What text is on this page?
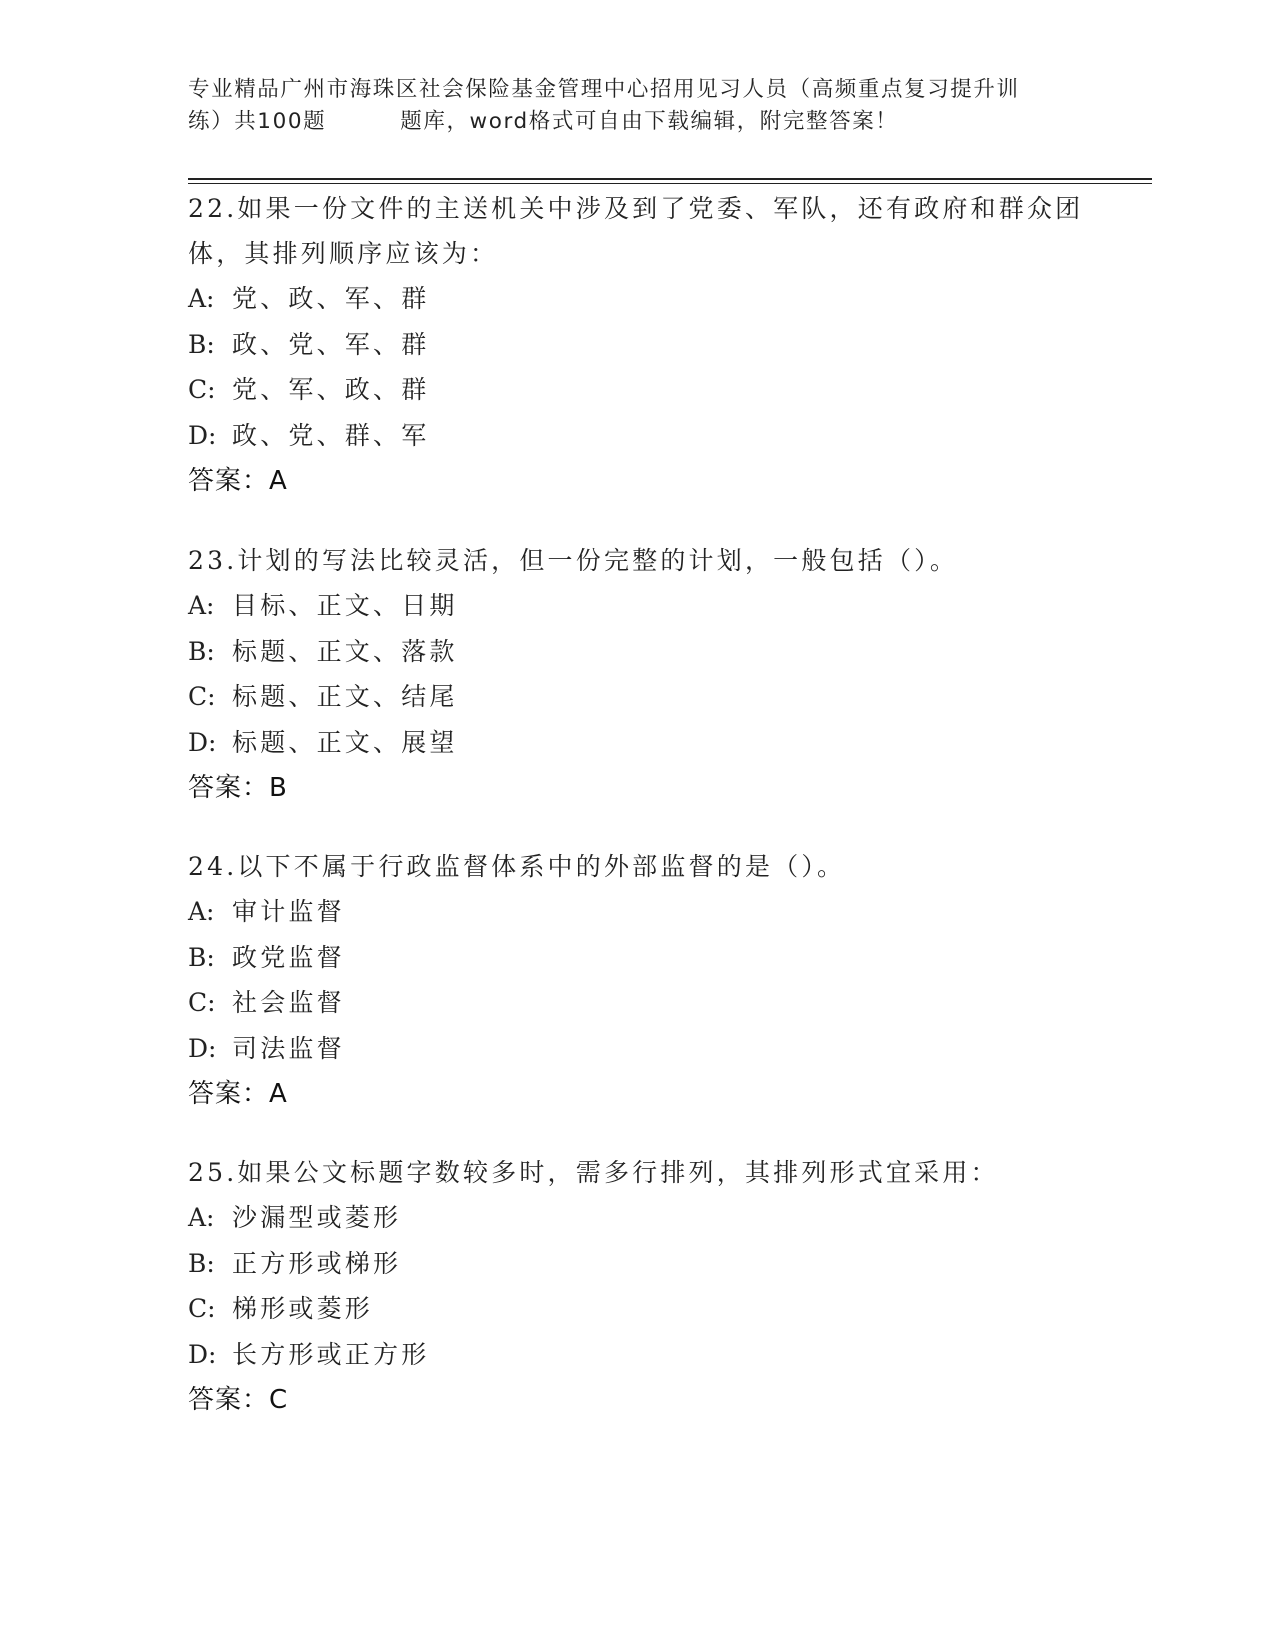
专业精品广州市海珠区社会保险基金管理中心招用见习人员（高频重点复习提升训
练）共100题	题库，word格式可自由下载编辑，附完整答案！
22.如果一份文件的主送机关中涉及到了党委、军队，还有政府和群众团体，其排列顺序应该为：
A: 党、政、军、群
B: 政、党、军、群
C: 党、军、政、群
D: 政、党、群、军
答案：A
23.计划的写法比较灵活，但一份完整的计划，一般包括（）。
A: 目标、正文、日期
B: 标题、正文、落款
C: 标题、正文、结尾
D: 标题、正文、展望
答案：B
24.以下不属于行政监督体系中的外部监督的是（）。
A: 审计监督
B: 政党监督
C: 社会监督
D: 司法监督
答案：A
25.如果公文标题字数较多时，需多行排列，其排列形式宜采用：
A: 沙漏型或菱形
B: 正方形或梯形
C: 梯形或菱形
D: 长方形或正方形
答案：C
